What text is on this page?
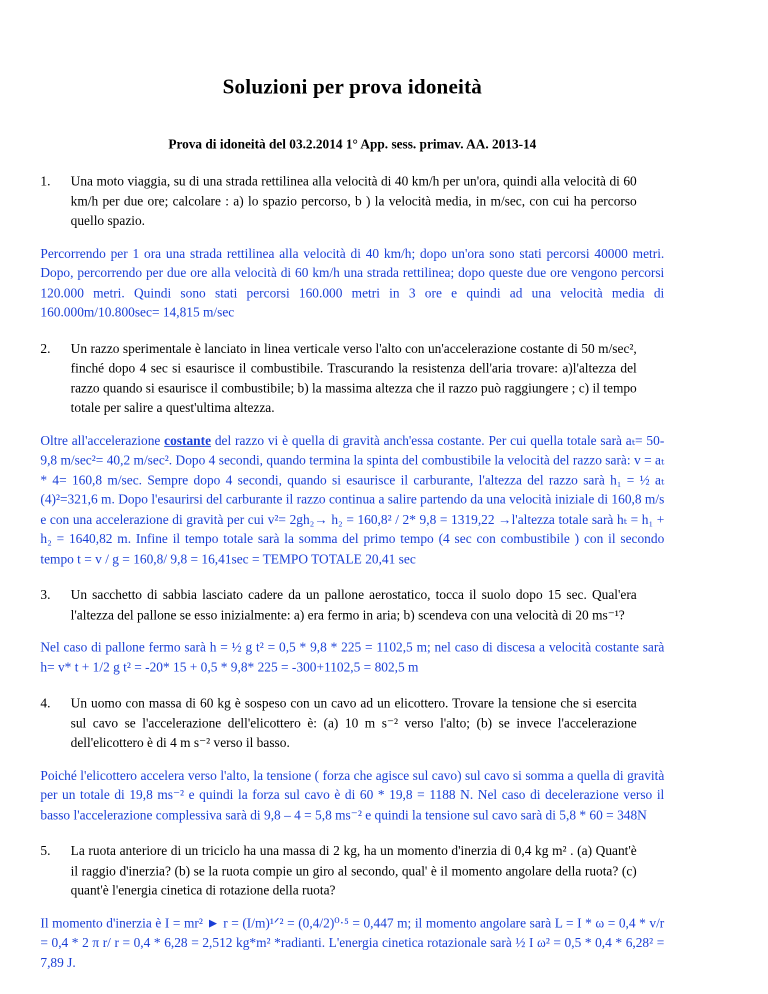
Soluzioni per prova idoneità
Prova di idoneità del 03.2.2014 1° App. sess. primav. AA. 2013-14
1. Una moto viaggia, su di una strada rettilinea alla velocità di 40 km/h per un'ora, quindi alla velocità di 60 km/h per due ore; calcolare : a) lo spazio percorso, b ) la velocità media, in m/sec, con cui ha percorso quello spazio.
Percorrendo per 1 ora una strada rettilinea alla velocità di 40 km/h; dopo un'ora sono stati percorsi 40000 metri. Dopo, percorrendo per due ore alla velocità di 60 km/h una strada rettilinea; dopo queste due ore vengono percorsi 120.000 metri. Quindi sono stati percorsi 160.000 metri in 3 ore e quindi ad una velocità media di 160.000m/10.800sec= 14,815 m/sec
2. Un razzo sperimentale è lanciato in linea verticale verso l'alto con un'accelerazione costante di 50 m/sec², finché dopo 4 sec si esaurisce il combustibile. Trascurando la resistenza dell'aria trovare: a)l'altezza del razzo quando si esaurisce il combustibile; b) la massima altezza che il razzo può raggiungere ; c) il tempo totale per salire a quest'ultima altezza.
Oltre all'accelerazione costante del razzo vi è quella di gravità anch'essa costante. Per cui quella totale sarà aₜ= 50-9,8 m/sec²= 40,2 m/sec². Dopo 4 secondi, quando termina la spinta del combustibile la velocità del razzo sarà: v = aₜ * 4= 160,8 m/sec. Sempre dopo 4 secondi, quando si esaurisce il carburante, l'altezza del razzo sarà h₁ = ½ aₜ (4)²=321,6 m. Dopo l'esaurirsi del carburante il razzo continua a salire partendo da una velocità iniziale di 160,8 m/s e con una accelerazione di gravità per cui v²= 2gh₂→ h₂ = 160,8² / 2* 9,8 = 1319,22 →l'altezza totale sarà hₜ = h₁ + h₂ = 1640,82 m. Infine il tempo totale sarà la somma del primo tempo (4 sec con combustibile ) con il secondo tempo t = v / g = 160,8/ 9,8 = 16,41sec = TEMPO TOTALE 20,41 sec
3. Un sacchetto di sabbia lasciato cadere da un pallone aerostatico, tocca il suolo dopo 15 sec. Qual'era l'altezza del pallone se esso inizialmente: a) era fermo in aria; b) scendeva con una velocità di 20 ms⁻¹?
Nel caso di pallone fermo sarà h = ½ g t² = 0,5 * 9,8 * 225 = 1102,5 m; nel caso di discesa a velocità costante sarà h= v* t + 1/2 g t² = -20* 15 + 0,5 * 9,8* 225 = -300+1102,5 = 802,5 m
4. Un uomo con massa di 60 kg è sospeso con un cavo ad un elicottero. Trovare la tensione che si esercita sul cavo se l'accelerazione dell'elicottero è: (a) 10 m s⁻² verso l'alto; (b) se invece l'accelerazione dell'elicottero è di 4 m s⁻² verso il basso.
Poiché l'elicottero accelera verso l'alto, la tensione ( forza che agisce sul cavo) sul cavo si somma a quella di gravità per un totale di 19,8 ms⁻² e quindi la forza sul cavo è di 60 * 19,8 = 1188 N. Nel caso di decelerazione verso il basso l'accelerazione complessiva sarà di 9,8 – 4 = 5,8 ms⁻² e quindi la tensione sul cavo sarà di 5,8 * 60 = 348N
5. La ruota anteriore di un triciclo ha una massa di 2 kg, ha un momento d'inerzia di 0,4 kg m² . (a) Quant'è il raggio d'inerzia? (b) se la ruota compie un giro al secondo, qual' è il momento angolare della ruota? (c) quant'è l'energia cinetica di rotazione della ruota?
Il momento d'inerzia è I = mr² ► r = (I/m)¹ᐟ² = (0,4/2)⁰·⁵ = 0,447 m; il momento angolare sarà L = I * ω = 0,4 * v/r = 0,4 * 2 π r/ r = 0,4 * 6,28 = 2,512 kg*m² *radianti. L'energia cinetica rotazionale sarà ½ I ω² = 0,5 * 0,4 * 6,28² = 7,89 J.
